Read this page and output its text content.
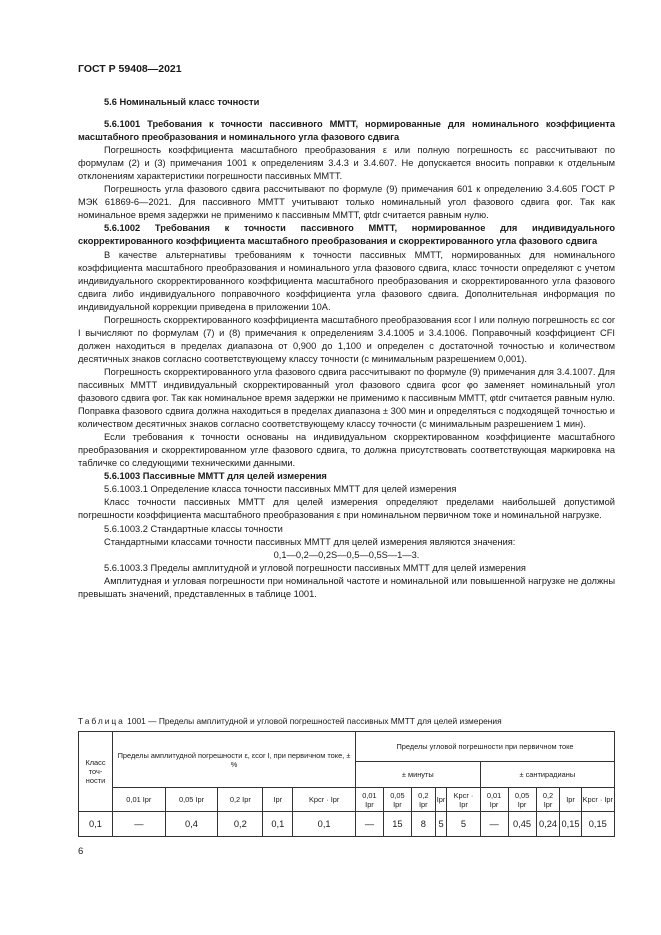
ГОСТ Р 59408—2021

5.6 Номинальный класс точности

5.6.1001 Требования к точности пассивного ММТТ, нормированные для номинального коэффициента масштабного преобразования и номинального угла фазового сдвига

Погрешность коэффициента масштабного преобразования ε или полную погрешность εc рассчитывают по формулам (2) и (3) примечания 1001 к определениям 3.4.3 и 3.4.607. Не допускается вносить поправки к отдельным отклонениям характеристики погрешности пассивных ММТТ.

Погрешность угла фазового сдвига рассчитывают по формуле (9) примечания 601 к определению 3.4.605 ГОСТ Р МЭК 61869-6—2021. Для пассивного ММТТ учитывают только номинальный угол фазового сдвига φor. Так как номинальное время задержки не применимо к пассивным ММТТ, φtdr считается равным нулю.

5.6.1002 Требования к точности пассивного ММТТ, нормированное для индивидуального скорректированного коэффициента масштабного преобразования и скорректированного угла фазового сдвига

В качестве альтернативы требованиям к точности пассивных ММТТ, нормированных для номинального коэффициента масштабного преобразования и номинального угла фазового сдвига, класс точности определяют с учетом индивидуального скорректированного коэффициента масштабного преобразования и скорректированного угла фазового сдвига либо индивидуального поправочного коэффициента угла фазового сдвига. Дополнительная информация по индивидуальной коррекции приведена в приложении 10А.

Погрешность скорректированного коэффициента масштабного преобразования εcor I или полную погрешность εc cor I вычисляют по формулам (7) и (8) примечания к определениям 3.4.1005 и 3.4.1006. Поправочный коэффициент CFI должен находиться в пределах диапазона от 0,900 до 1,100 и определен с достаточной точностью и количеством десятичных знаков согласно соответствующему классу точности (с минимальным разрешением 0,001).

Погрешность скорректированного угла фазового сдвига рассчитывают по формуле (9) примечания для 3.4.1007. Для пассивных ММТТ индивидуальный скорректированный угол фазового сдвига φcor φo заменяет номинальный угол фазового сдвига φor. Так как номинальное время задержки не применимо к пассивным ММТТ, φtdr считается равным нулю. Поправка фазового сдвига должна находиться в пределах диапазона ± 300 мин и определяться с подходящей точностью и количеством десятичных знаков согласно соответствующему классу точности (с минимальным разрешением 1 мин).

Если требования к точности основаны на индивидуальном скорректированном коэффициенте масштабного преобразования и скорректированном угле фазового сдвига, то должна присутствовать соответствующая маркировка на табличке со следующими техническими данными.

5.6.1003 Пассивные ММТТ для целей измерения

5.6.1003.1 Определение класса точности пассивных ММТТ для целей измерения

Класс точности пассивных ММТТ для целей измерения определяют пределами наибольшей допустимой погрешности коэффициента масштабного преобразования ε при номинальном первичном токе и номинальной нагрузке.

5.6.1003.2 Стандартные классы точности

Стандартными классами точности пассивных ММТТ для целей измерения являются значения:

0,1—0,2—0,2S—0,5—0,5S—1—3.

5.6.1003.3 Пределы амплитудной и угловой погрешности пассивных ММТТ для целей измерения

Амплитудная и угловая погрешности при номинальной частоте и номинальной или повышенной нагрузке не должны превышать значений, представленных в таблице 1001.

Таблица 1001 — Пределы амплитудной и угловой погрешностей пассивных ММТТ для целей измерения
Класс точ-ности	Пределы амплитудной погрешности ε, εcor I, при первичном токе, ± %					Пределы угловой погрешности при первичном токе									
						± минуты					± сантирадианы				
	0,01 Iрr	0,05 Iрr	0,2 Iрr	Iрr	Kрcr · Iрr	0,01 Iрr	0,05 Iрr	0,2 Iрr	Iрr	Kрcr · Iрr	0,01 Iрr	0,05 Iрr	0,2 Iрr	Iрr	Kрcr · Iрr
0,1	—	0,4	0,2	0,1	0,1	—	15	8	5	5	—	0,45	0,24	0,15	0,15
6
